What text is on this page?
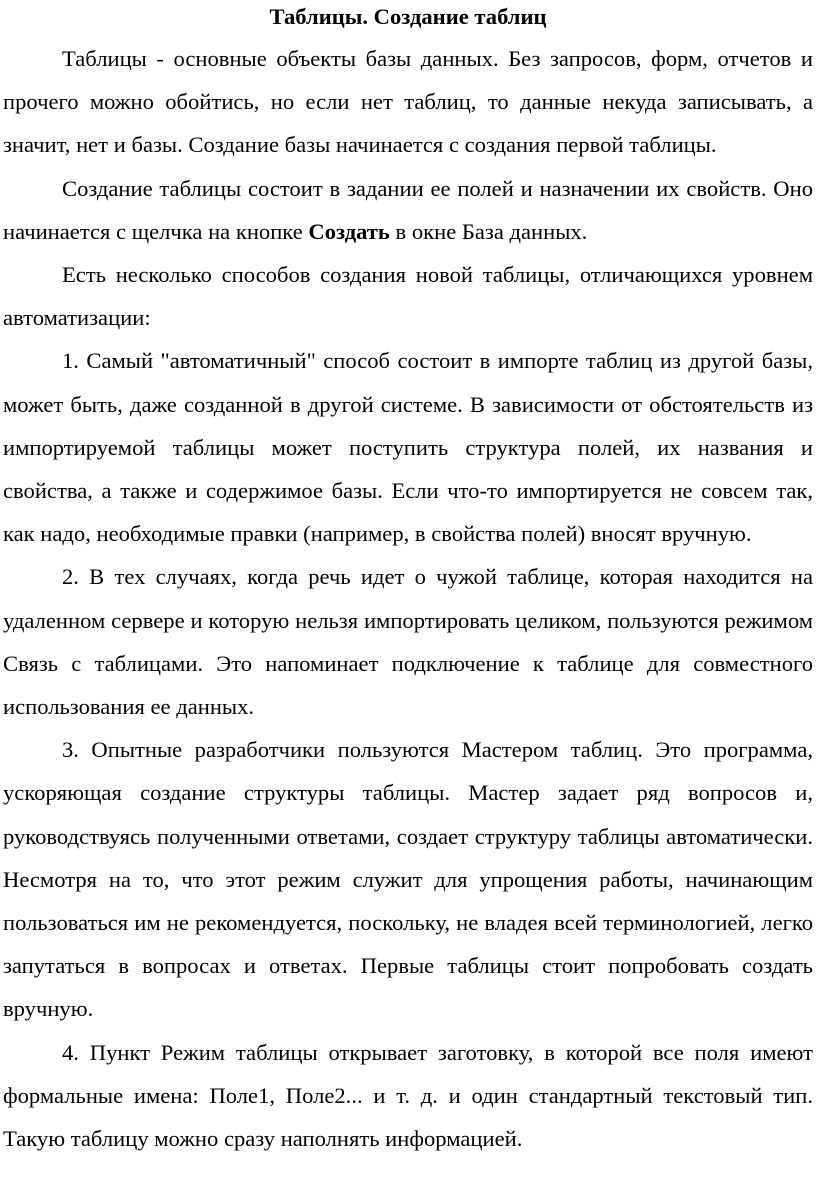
Таблицы. Создание таблиц

Таблицы - основные объекты базы данных. Без запросов, форм, отчетов и прочего можно обойтись, но если нет таблиц, то данные некуда записывать, а значит, нет и базы. Создание базы начинается с создания первой таблицы.

Создание таблицы состоит в задании ее полей и назначении их свойств. Оно начинается с щелчка на кнопке Создать в окне База данных.

Есть несколько способов создания новой таблицы, отличающихся уровнем автоматизации:

1. Самый "автоматичный" способ состоит в импорте таблиц из другой базы, может быть, даже созданной в другой системе. В зависимости от обстоятельств из импортируемой таблицы может поступить структура полей, их названия и свойства, а также и содержимое базы. Если что-то импортируется не совсем так, как надо, необходимые правки (например, в свойства полей) вносят вручную.

2. В тех случаях, когда речь идет о чужой таблице, которая находится на удаленном сервере и которую нельзя импортировать целиком, пользуются режимом Связь с таблицами. Это напоминает подключение к таблице для совместного использования ее данных.

3. Опытные разработчики пользуются Мастером таблиц. Это программа, ускоряющая создание структуры таблицы. Мастер задает ряд вопросов и, руководствуясь полученными ответами, создает структуру таблицы автоматически. Несмотря на то, что этот режим служит для упрощения работы, начинающим пользоваться им не рекомендуется, поскольку, не владея всей терминологией, легко запутаться в вопросах и ответах. Первые таблицы стоит попробовать создать вручную.

4. Пункт Режим таблицы открывает заготовку, в которой все поля имеют формальные имена: Поле1, Поле2... и т. д. и один стандартный текстовый тип. Такую таблицу можно сразу наполнять информацией.
